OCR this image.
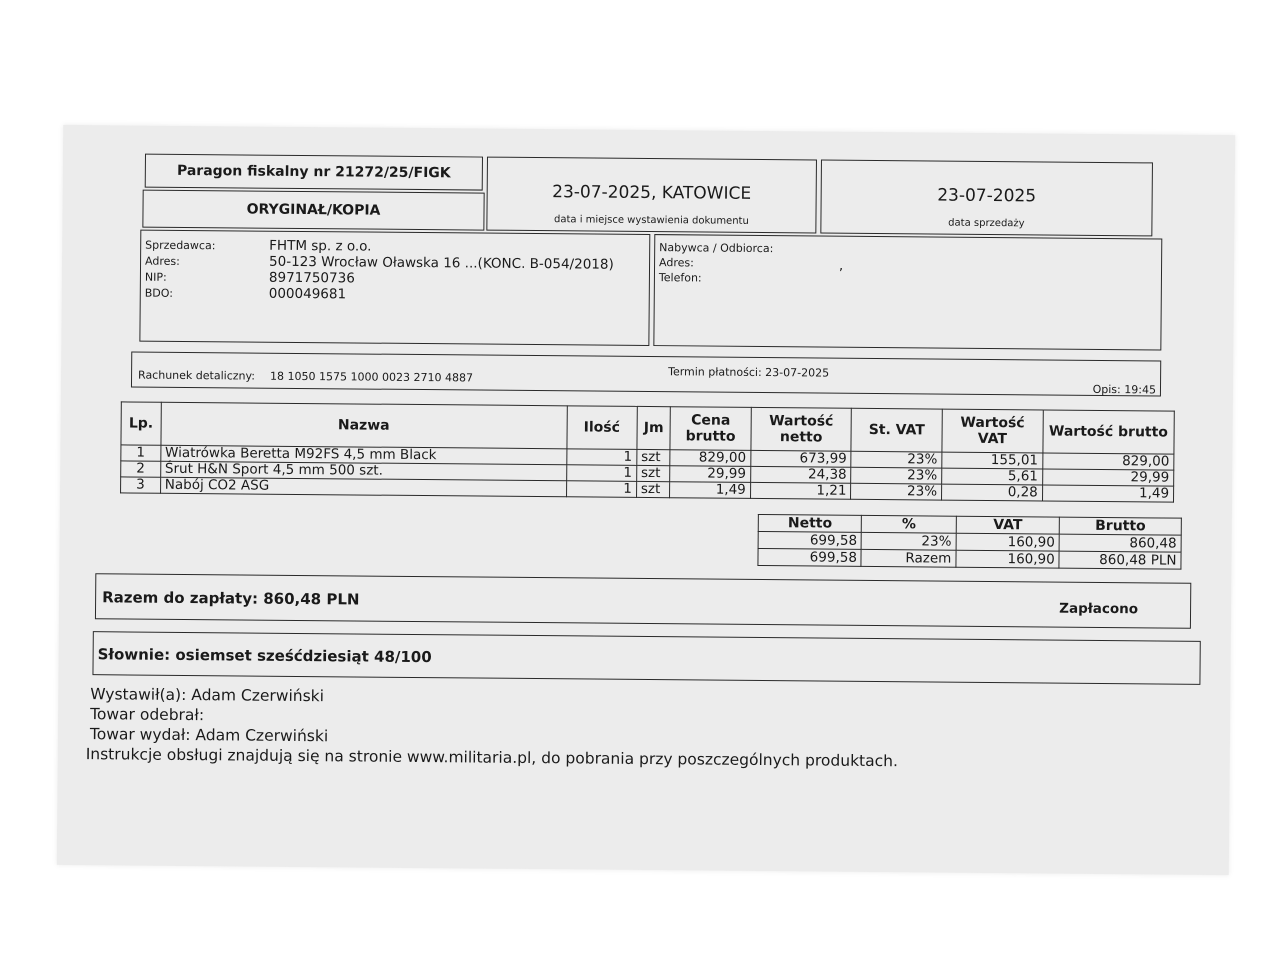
Paragon fiskalny nr 21272/25/FIGK
ORYGINAŁ/KOPIA
23-07-2025, KATOWICE
data i miejsce wystawienia dokumentu
23-07-2025
data sprzedaży
Sprzedawca:	FHTM sp. z o.o.
Adres:	50-123 Wrocław Oławska 16 ...(KONC. B-054/2018)
NIP:	8971750736
BDO:	000049681
Nabywca / Odbiorca:
Adres:
Telefon:
,
Rachunek detaliczny: 18 1050 1575 1000 0023 2710 4887	Termin płatności: 23-07-2025
Opis: 19:45
Lp.	Nazwa	Ilość	Jm	Cena brutto	Wartość netto	St. VAT	Wartość VAT	Wartość brutto
1	Wiatrówka Beretta M92FS 4,5 mm Black	1	szt	829,00	673,99	23%	155,01	829,00
2	Śrut H&N Sport 4,5 mm 500 szt.	1	szt	29,99	24,38	23%	5,61	29,99
3	Nabój CO2 ASG	1	szt	1,49	1,21	23%	0,28	1,49
Netto	%	VAT	Brutto
699,58	23%	160,90	860,48
699,58	Razem	160,90	860,48 PLN
Razem do zapłaty: 860,48 PLN
Zapłacono
Słownie: osiemset sześćdziesiąt 48/100
Wystawił(a): Adam Czerwiński
Towar odebrał:
Towar wydał: Adam Czerwiński
Instrukcje obsługi znajdują się na stronie www.militaria.pl, do pobrania przy poszczególnych produktach.
